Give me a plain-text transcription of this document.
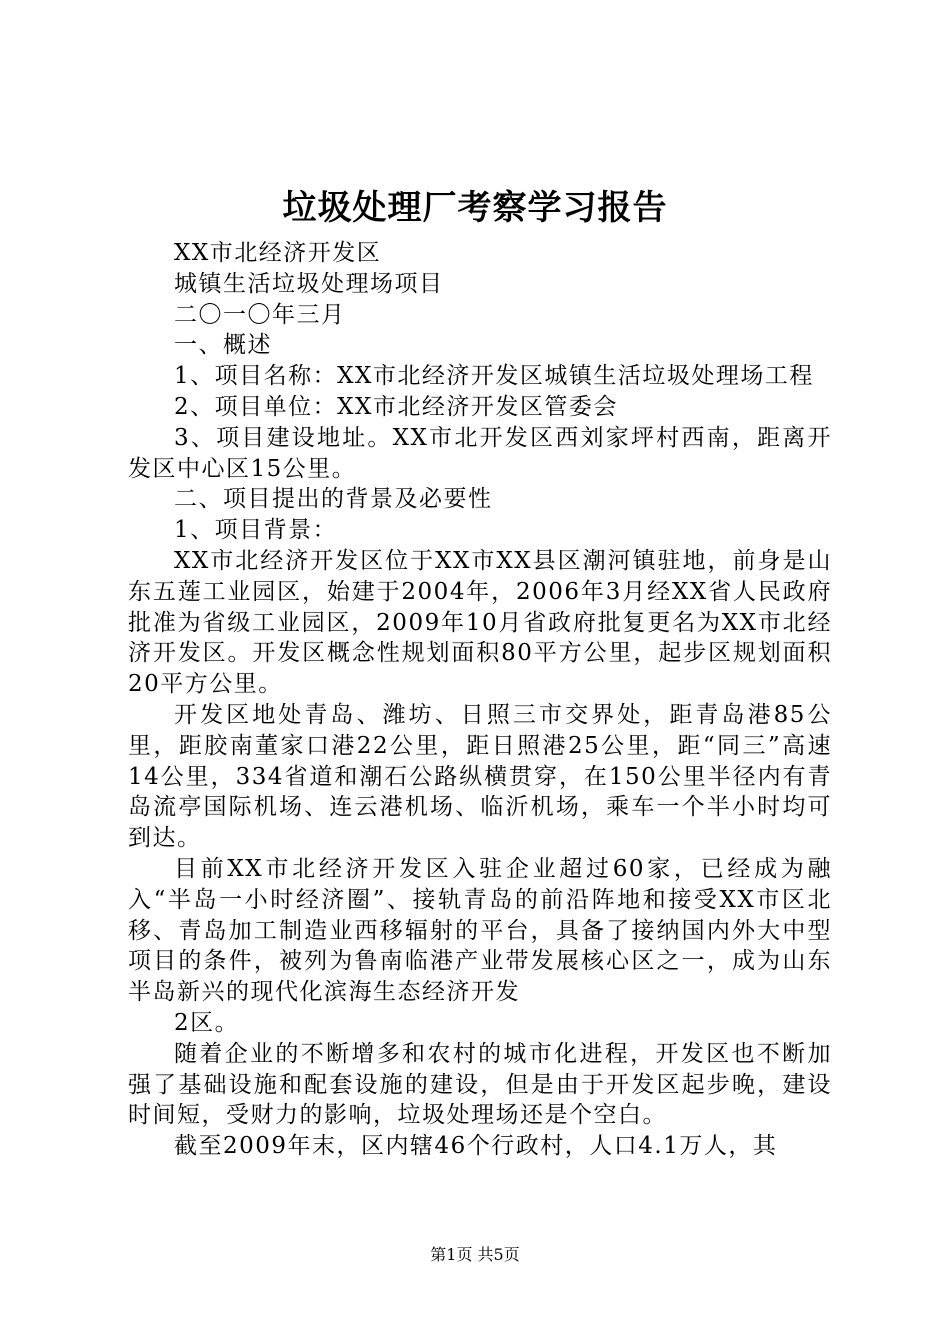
垃圾处理厂考察学习报告

XX市北经济开发区

城镇生活垃圾处理场项目

二〇一〇年三月

一、概述

1、项目名称：XX市北经济开发区城镇生活垃圾处理场工程

2、项目单位：XX市北经济开发区管委会

3、项目建设地址。XX市北开发区西刘家坪村西南，距离开发区中心区15公里。

二、项目提出的背景及必要性

1、项目背景：

XX市北经济开发区位于XX市XX县区潮河镇驻地，前身是山东五莲工业园区，始建于2004年，2006年3月经XX省人民政府批准为省级工业园区，2009年10月省政府批复更名为XX市北经济开发区。开发区概念性规划面积80平方公里，起步区规划面积20平方公里。

开发区地处青岛、潍坊、日照三市交界处，距青岛港85公里，距胶南董家口港22公里，距日照港25公里，距“同三”高速14公里，334省道和潮石公路纵横贯穿，在150公里半径内有青岛流亭国际机场、连云港机场、临沂机场，乘车一个半小时均可到达。

目前XX市北经济开发区入驻企业超过60家，已经成为融入“半岛一小时经济圈”、接轨青岛的前沿阵地和接受XX市区北移、青岛加工制造业西移辐射的平台，具备了接纳国内外大中型项目的条件，被列为鲁南临港产业带发展核心区之一，成为山东半岛新兴的现代化滨海生态经济开发

2区。

随着企业的不断增多和农村的城市化进程，开发区也不断加强了基础设施和配套设施的建设，但是由于开发区起步晚，建设时间短，受财力的影响，垃圾处理场还是个空白。

截至2009年末，区内辖46个行政村，人口4.1万人，其

第1页 共5页
